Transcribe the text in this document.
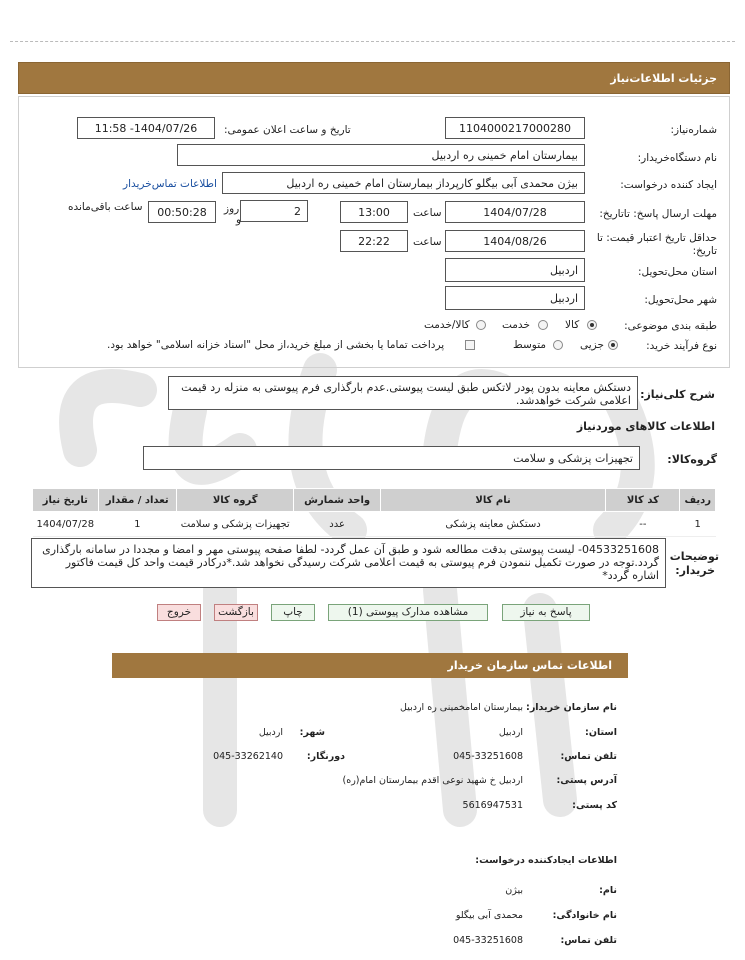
جزئیات اطلاعات‌نیاز
شماره‌نیاز:
1104000217000280
تاریخ و ساعت اعلان عمومی:
1404/07/26- 11:58
نام دستگاه‌خریدار:
بیمارستان امام خمینی ره اردبیل
ایجاد کننده درخواست:
بیژن محمدی آبی بیگلو کارپرداز بیمارستان امام خمینی ره اردبیل
اطلاعات تماس‌خریدار
مهلت ارسال پاسخ: تاتاریخ:
1404/07/28
ساعت
13:00
2
روز
و
00:50:28
ساعت باقی‌مانده
حداقل تاریخ اعتبار قیمت: تا
تاریخ:
1404/08/26
ساعت
22:22
استان محل‌تحویل:
اردبیل
شهر محل‌تحویل:
اردبیل
طبقه بندی موضوعی:
کالا
خدمت
کالا/خدمت
نوع فرآیند خرید:
جزیی
متوسط
پرداخت تماما یا بخشی از مبلغ خرید،از محل "اسناد خزانه اسلامی" خواهد بود.
شرح کلی‌نیاز:
دستکش معاینه بدون پودر لاتکس طبق لیست پیوستی.عدم بارگذاری فرم پیوستی به منزله رد قیمت اعلامی شرکت خواهدشد.
اطلاعات کالاهای موردنیاز
گروه‌کالا:
تجهیزات پزشکی و سلامت
ردیف	کد کالا	نام کالا	واحد شمارش	گروه کالا	تعداد / مقدار	تاریخ نیاز
1	--	دستکش معاینه پزشکی	عدد	تجهیزات پزشکی و سلامت	1	1404/07/28
توضیحات
خریدار:
04533251608- لیست پیوستی بدقت مطالعه شود و طبق آن عمل گردد- لطفا صفحه پیوستی مهر و امضا و مجددا در سامانه بارگذاری گردد.توجه در صورت تکمیل ننمودن فرم پیوستی به قیمت اعلامی شرکت رسیدگی نخواهد شد.*درکادر قیمت واحد کل قیمت فاکتور اشاره گردد*
پاسخ به نیاز
مشاهده مدارک پیوستی (1)
چاپ
بازگشت
خروج
اطلاعات تماس سازمان خریدار
نام سازمان خریدار:
بیمارستان امامخمینی ره اردبیل
استان:
اردبیل
شهر:
اردبیل
تلفن تماس:
045-33251608
دورنگار:
045-33262140
آدرس پستی:
اردبیل خ شهید نوعی اقدم بیمارستان امام(ره)
کد پستی:
5616947531
اطلاعات ایجادکننده درخواست:
نام:
بیژن
نام خانوادگی:
محمدی آبی بیگلو
تلفن تماس:
045-33251608
